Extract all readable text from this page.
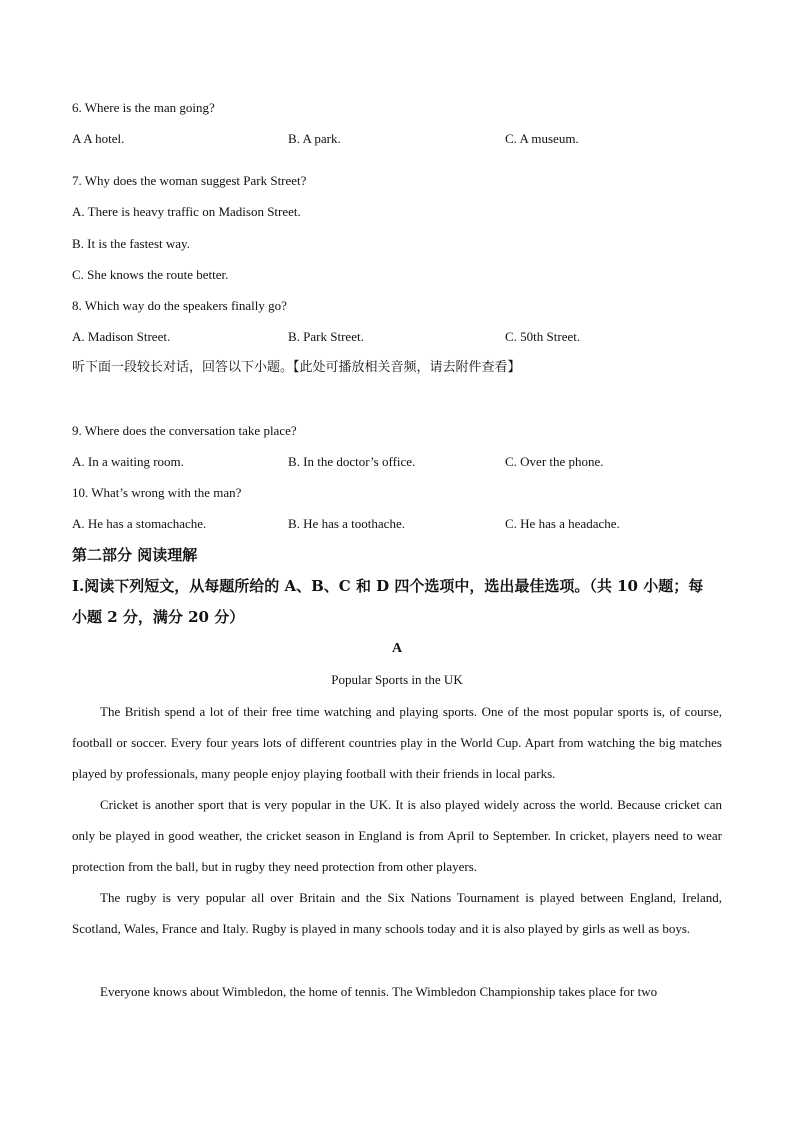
6. Where is the man going?
A A hotel.	B. A park.	C. A museum.
7. Why does the woman suggest Park Street?
A. There is heavy traffic on Madison Street.
B. It is the fastest way.
C. She knows the route better.
8. Which way do the speakers finally go?
A. Madison Street.	B. Park Street.	C. 50th Street.
听下面一段较长对话，回答以下小题。【此处可播放相关音频，请去附件查看】
9. Where does the conversation take place?
A. In a waiting room.	B. In the doctor’s office.	C. Over the phone.
10. What’s wrong with the man?
A. He has a stomachache.	B. He has a toothache.	C. He has a headache.
第二部分 阅读理解
I.阅读下列短文，从每题所给的 A、B、C 和 D 四个选项中，选出最佳选项。（共 10 小题；每
小题 2 分，满分 20 分）
A
Popular Sports in the UK
The British spend a lot of their free time watching and playing sports. One of the most popular sports is, of course, football or soccer. Every four years lots of different countries play in the World Cup. Apart from watching the big matches played by professionals, many people enjoy playing football with their friends in local parks.
Cricket is another sport that is very popular in the UK. It is also played widely across the world. Because cricket can only be played in good weather, the cricket season in England is from April to September. In cricket, players need to wear protection from the ball, but in rugby they need protection from other players.
The rugby is very popular all over Britain and the Six Nations Tournament is played between England, Ireland, Scotland, Wales, France and Italy. Rugby is played in many schools today and it is also played by girls as well as boys.
Everyone knows about Wimbledon, the home of tennis. The Wimbledon Championship takes place for two
